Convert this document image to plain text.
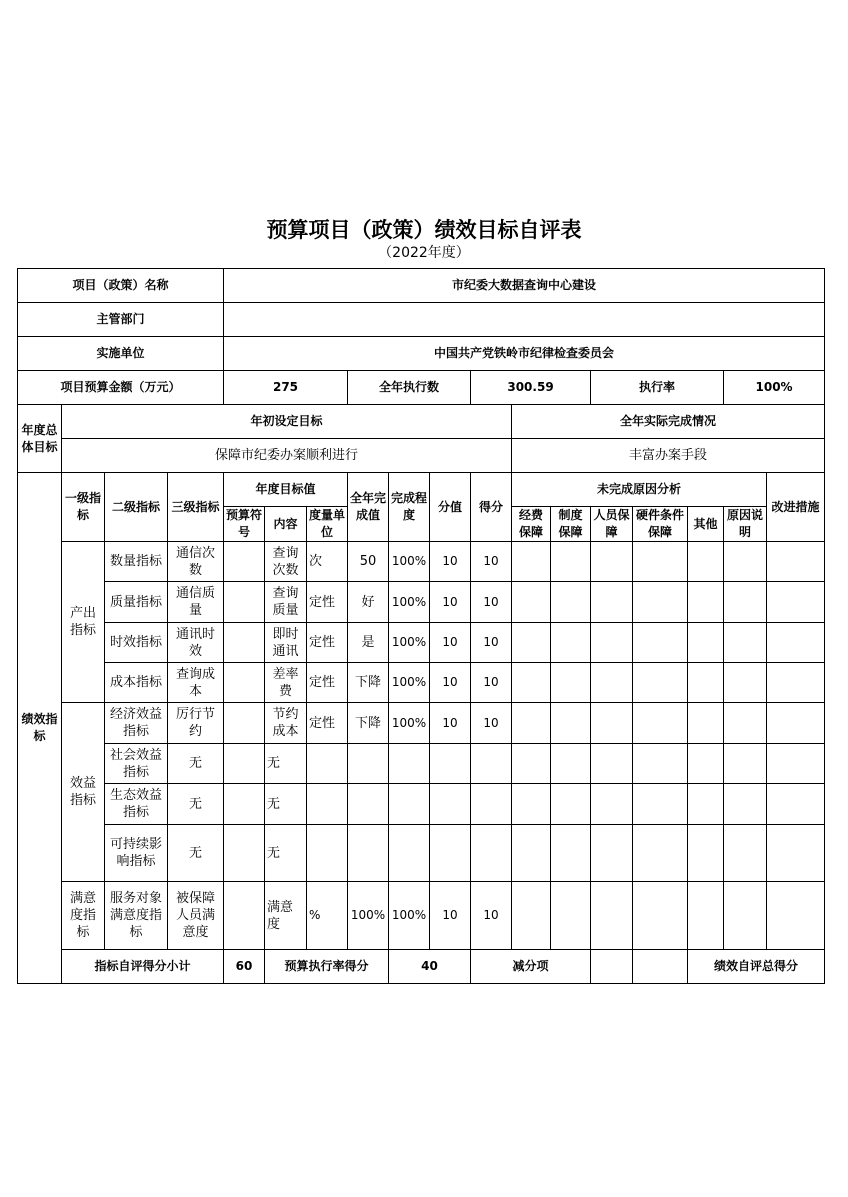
预算项目（政策）绩效目标自评表
（2022年度）
项目（政策）名称				市纪委大数据查询中心建设														
主管部门																		
实施单位				中国共产党铁岭市纪律检查委员会														
项目预算金额（万元）				275			全年执行数			300.59			执行率			100%		
年度总体目标	年初设定目标										全年实际完成情况							
	保障市纪委办案顺利进行										丰富办案手段							
绩效指标	一级指标	二级指标	三级指标	年度目标值			全年完成值	完成程度	分值	得分	未完成原因分析						改进措施	
				预算符号	内容	度量单位					经费保障	制度保障	人员保障	硬件条件保障	其他	原因说明		
	产出指标	数量指标	通信次数		查询次数	次	50	100%	10	10								
		质量指标	通信质量		查询质量	定性	好	100%	10	10								
		时效指标	通讯时效		即时通讯	定性	是	100%	10	10								
		成本指标	查询成本		差率费	定性	下降	100%	10	10								
	效益指标	经济效益指标	厉行节约		节约成本	定性	下降	100%	10	10								
		社会效益指标	无		无													
		生态效益指标	无		无													
		可持续影响指标	无		无													
	满意度指标	服务对象满意度指标	被保障人员满意度		满意度	%	100%	100%	10	10								
	指标自评得分小计			60	预算执行率得分			40		减分项					绩效自评总得分	
